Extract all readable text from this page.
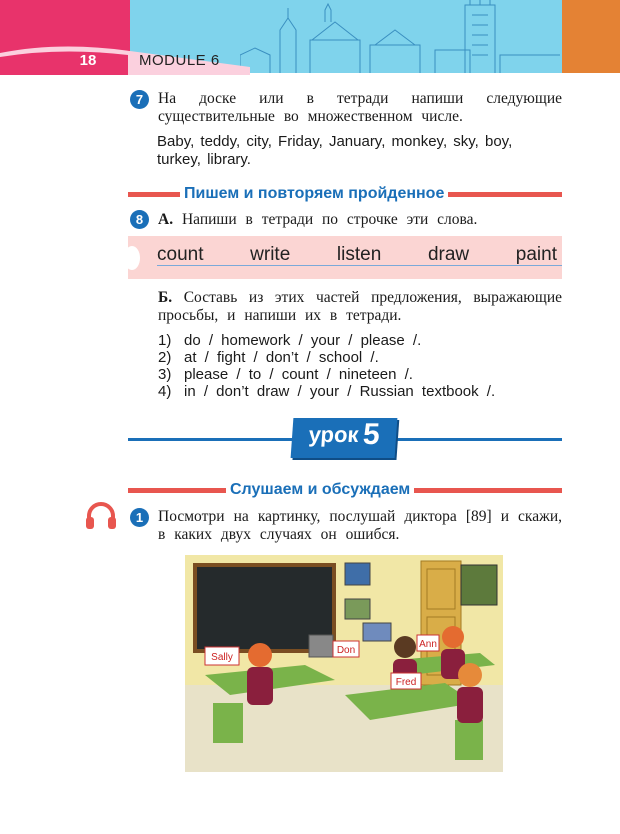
18	MODULE 6
7 На доске или в тетради напиши следующие существительные во множественном числе.
Baby, teddy, city, Friday, January, monkey, sky, boy, turkey, library.
Пишем и повторяем пройденное
8 А. Напиши в тетради по строчке эти слова.
count write listen draw paint
Б. Составь из этих частей предложения, выражающие просьбы, и напиши их в тетради.
1) do / homework / your / please /.
2) at / fight / don’t / school /.
3) please / to / count / nineteen /.
4) in / don’t draw / your / Russian textbook /.
урок 5
Слушаем и обсуждаем
1 Посмотри на картинку, послушай диктора [89] и скажи, в каких двух случаях он ошибся.
Sally
Don
Ann
Fred
